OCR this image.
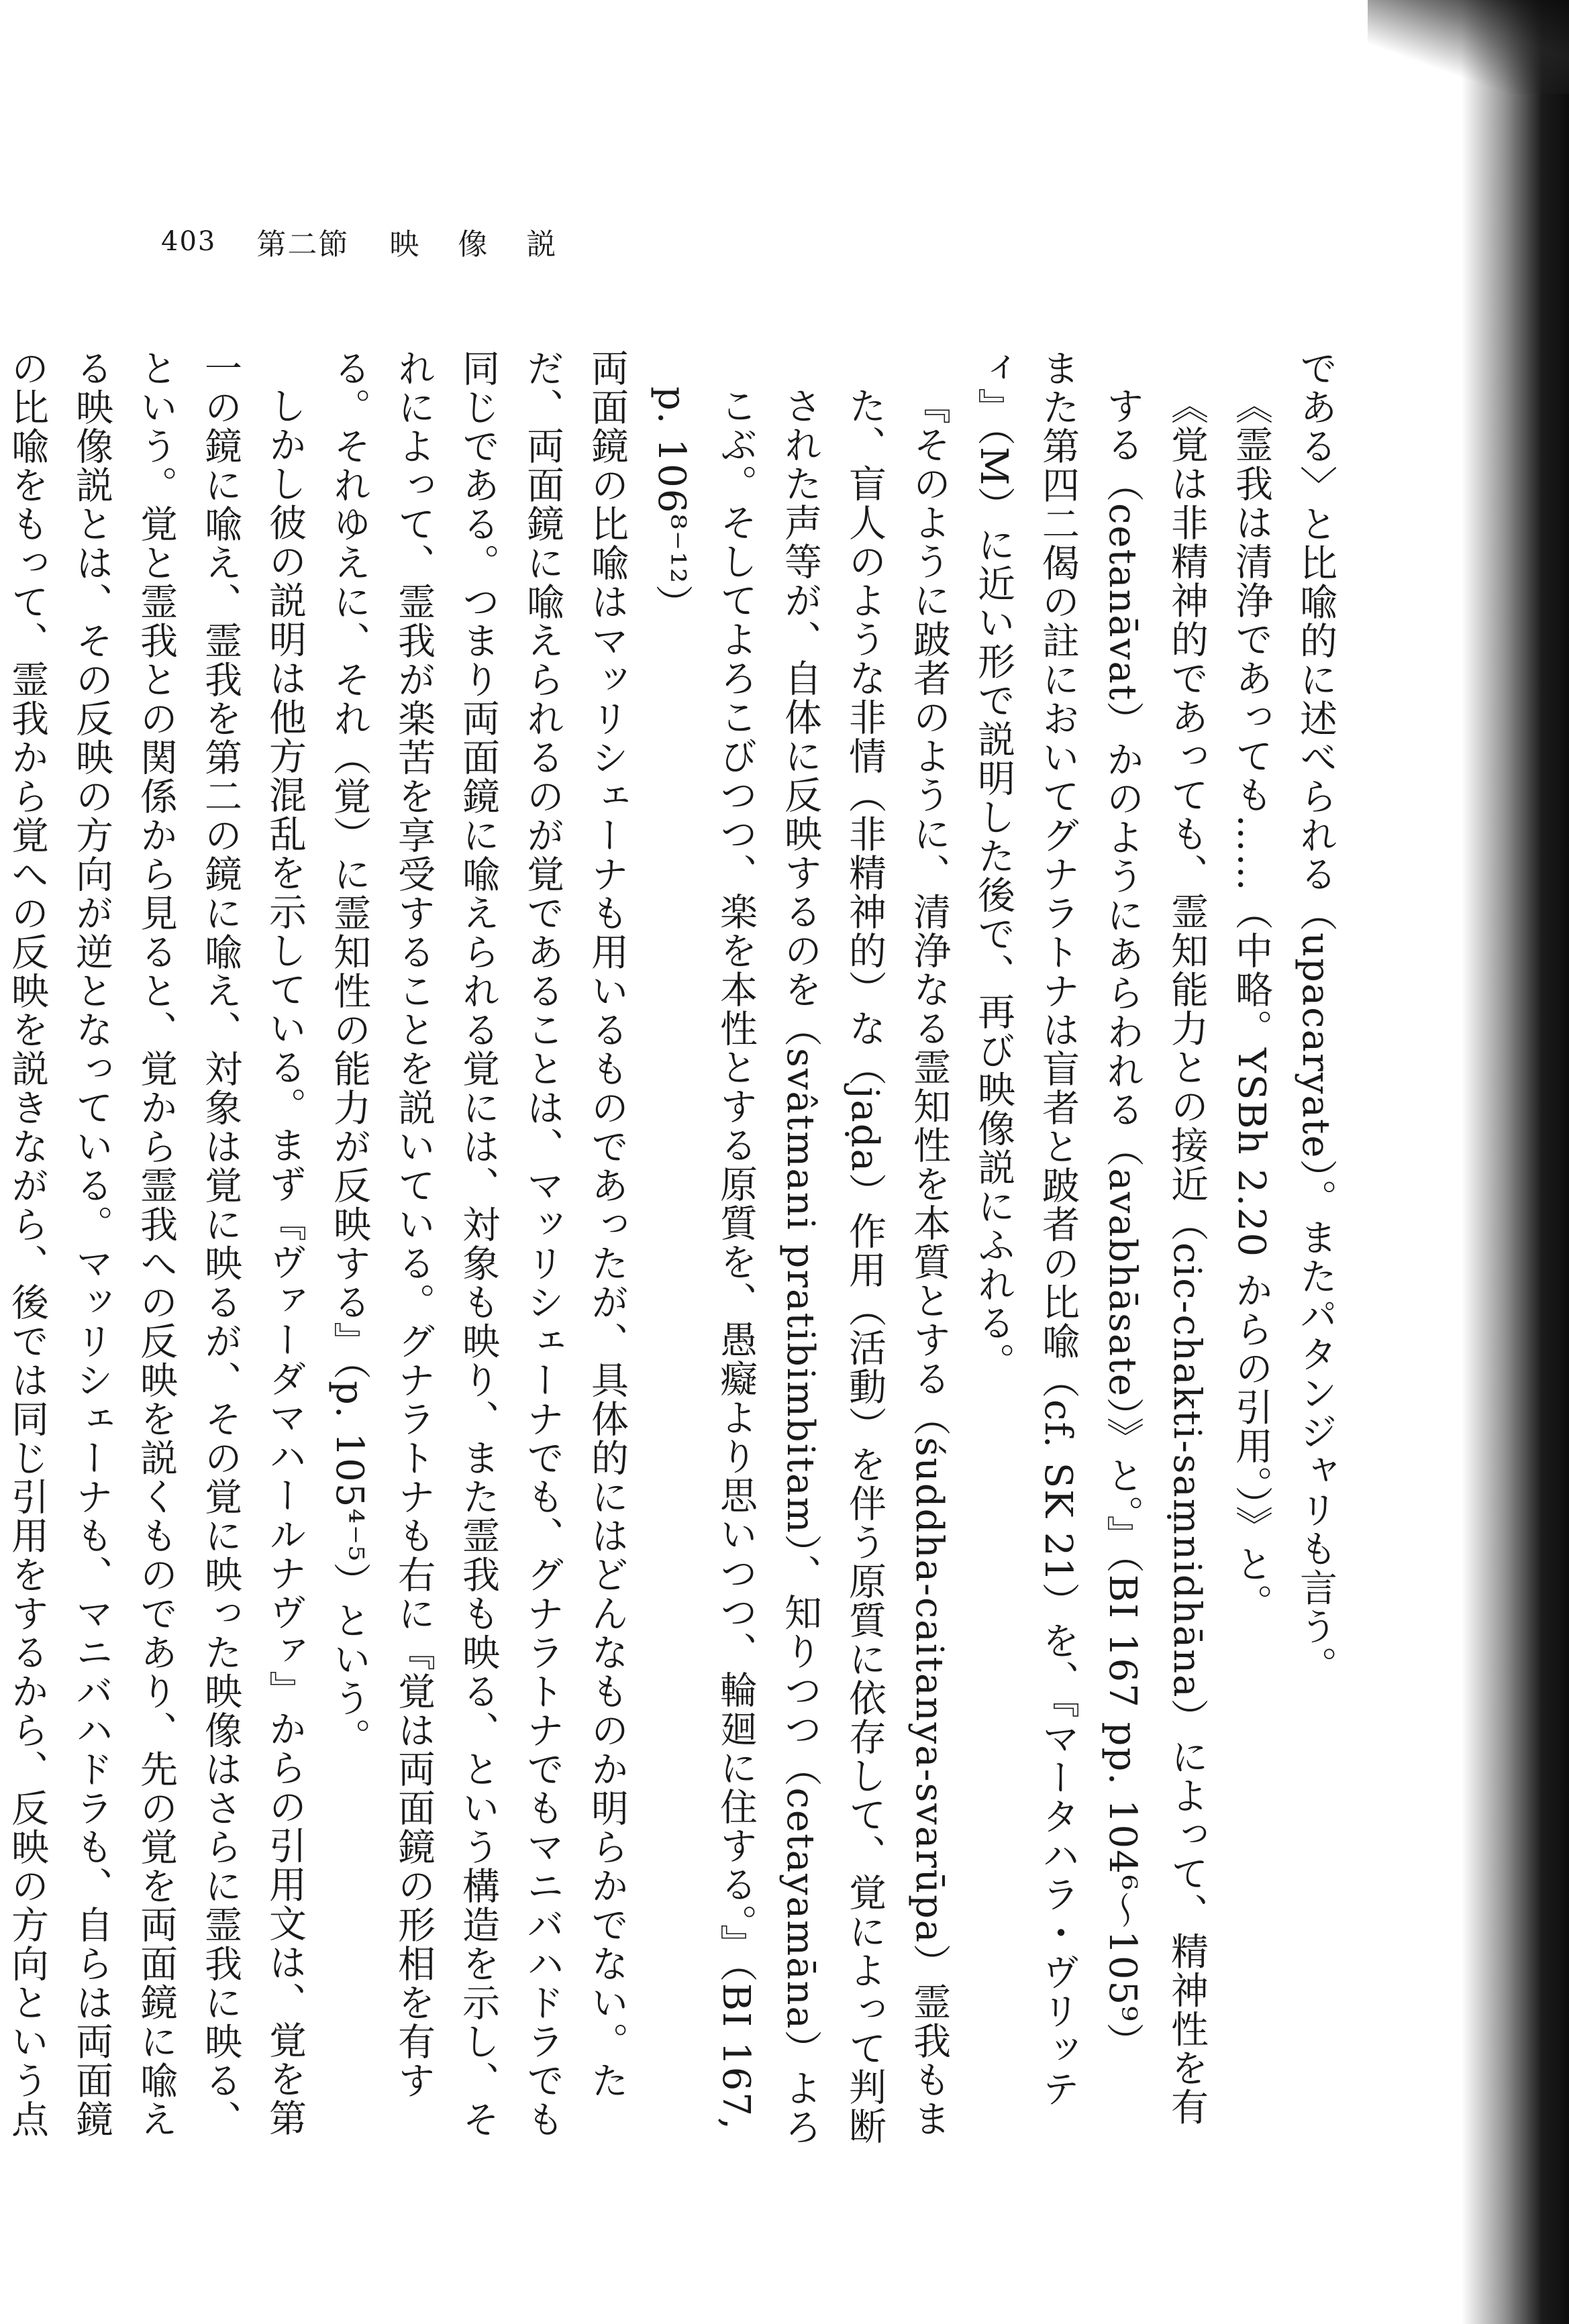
403 第二節 映 像 説

である〉と比喩的に述べられる（upacaryate）。またパタンジャリも言う。

《霊我は清浄であっても……（中略。YSBh 2.20 からの引用。）》と。

《覚は非精神的であっても、霊知能力との接近（cic-chakti-saṃnidhāna）によって、精神性を有する（cetanāvat）かのようにあらわれる（avabhāsate）》と。』（BI 167 pp. 104⁶〜105⁹）

また第四二偈の註においてグナラトナは盲者と跛者の比喩（cf. SK 21）を、『マータハラ・ヴリッティ』（M）に近い形で説明した後で、再び映像説にふれる。

『そのように跛者のように、清浄なる霊知性を本質とする（śuddha-caitanya-svarūpa）霊我もまた、盲人のような非情（非精神的）な（jaḍa）作用（活動）を伴う原質に依存して、覚によって判断された声等が、自体に反映するのを（svâtmani pratibimbitam）、知りつつ（cetayamāna）よろこぶ。そしてよろこびつつ、楽を本性とする原質を、愚癡より思いつつ、輪廻に住する。』（BI 167, p. 106⁸⁻¹²）

両面鏡の比喩はマッリシェーナも用いるものであったが、具体的にはどんなものか明らかでない。ただ、両面鏡に喩えられるのが覚であることは、マッリシェーナでも、グナラトナでもマニバハドラでも同じである。つまり両面鏡に喩えられる覚には、対象も映り、また霊我も映る、という構造を示し、それによって、霊我が楽苦を享受することを説いている。グナラトナも右に『覚は両面鏡の形相を有する。それゆえに、それ（覚）に霊知性の能力が反映する』（p. 105⁴⁻⁵）という。

しかし彼の説明は他方混乱を示している。まず『ヴァーダマハールナヴァ』からの引用文は、覚を第一の鏡に喩え、霊我を第二の鏡に喩え、対象は覚に映るが、その覚に映った映像はさらに霊我に映る、という。覚と霊我との関係から見ると、覚から霊我への反映を説くものであり、先の覚を両面鏡に喩える映像説とは、その反映の方向が逆となっている。マッリシェーナも、マニバハドラも、自らは両面鏡の比喩をもって、霊我から覚への反映を説きながら、後では同じ引用をするから、反映の方向という点
